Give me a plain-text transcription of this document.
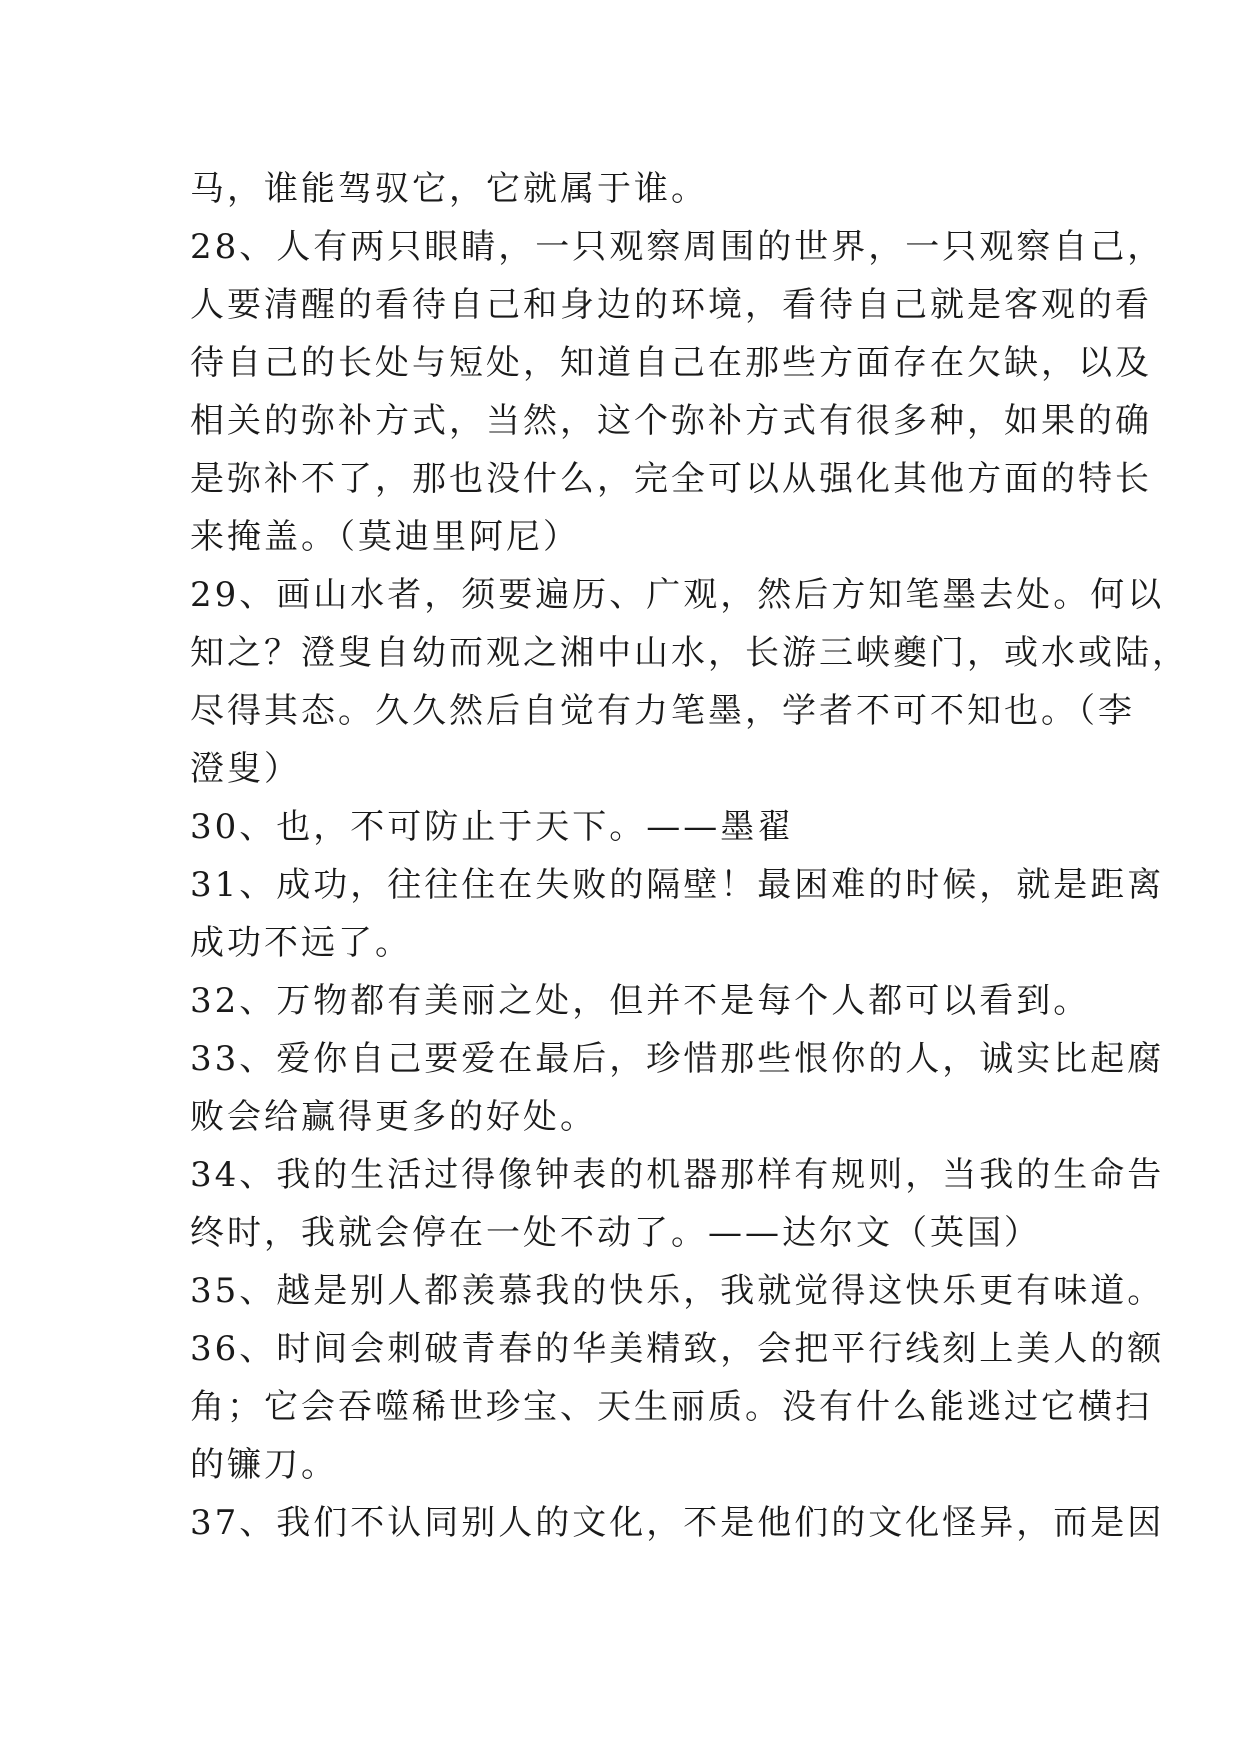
马，谁能驾驭它，它就属于谁。
28、人有两只眼睛，一只观察周围的世界，一只观察自己，
人要清醒的看待自己和身边的环境，看待自己就是客观的看
待自己的长处与短处，知道自己在那些方面存在欠缺，以及
相关的弥补方式，当然，这个弥补方式有很多种，如果的确
是弥补不了，那也没什么，完全可以从强化其他方面的特长
来掩盖。（莫迪里阿尼）
29、画山水者，须要遍历、广观，然后方知笔墨去处。何以
知之？澄叟自幼而观之湘中山水，长游三峡夔门，或水或陆，
尽得其态。久久然后自觉有力笔墨，学者不可不知也。（李
澄叟）
30、也，不可防止于天下。——墨翟
31、成功，往往住在失败的隔壁！最困难的时候，就是距离
成功不远了。
32、万物都有美丽之处，但并不是每个人都可以看到。
33、爱你自己要爱在最后，珍惜那些恨你的人，诚实比起腐
败会给赢得更多的好处。
34、我的生活过得像钟表的机器那样有规则，当我的生命告
终时，我就会停在一处不动了。——达尔文（英国）
35、越是别人都羡慕我的快乐，我就觉得这快乐更有味道。
36、时间会刺破青春的华美精致，会把平行线刻上美人的额
角；它会吞噬稀世珍宝、天生丽质。没有什么能逃过它横扫
的镰刀。
37、我们不认同别人的文化，不是他们的文化怪异，而是因
